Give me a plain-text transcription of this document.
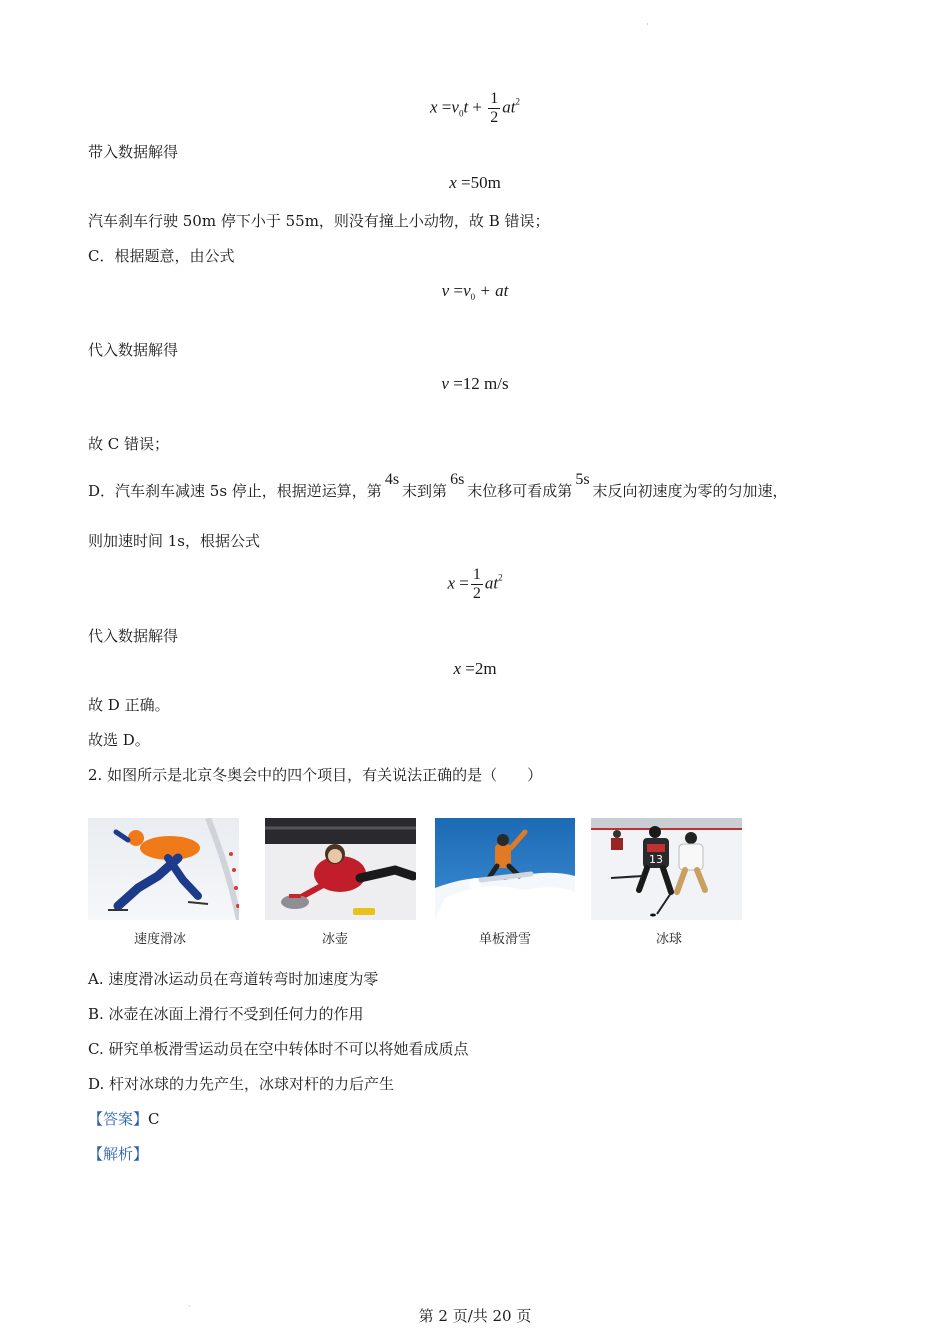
$x =v_0t + \frac{1}{2} at^2$
带入数据解得
x =50m
汽车刹车行驶 50m 停下小于 55m，则没有撞上小动物，故 B 错误；
C．根据题意，由公式
$v =v_0$ + at
代入数据解得
v =12 m/s
故 C 错误；
D．汽车刹车减速 5s 停止，根据逆运算，第4s末到第6s末位移可看成第5s末反向初速度为零的匀加速，
则加速时间 1s，根据公式
$x = \frac{1}{2} at^2$
代入数据解得
x =2m
故 D 正确。
故选 D。
2. 如图所示是北京冬奥会中的四个项目，有关说法正确的是（　　）
13
速度滑冰	冰壶	单板滑雪	冰球
A. 速度滑冰运动员在弯道转弯时加速度为零
B. 冰壶在冰面上滑行不受到任何力的作用
C. 研究单板滑雪运动员在空中转体时不可以将她看成质点
D. 杆对冰球的力先产生，冰球对杆的力后产生
【答案】C
【解析】
·
·
第 2 页/共 20 页
